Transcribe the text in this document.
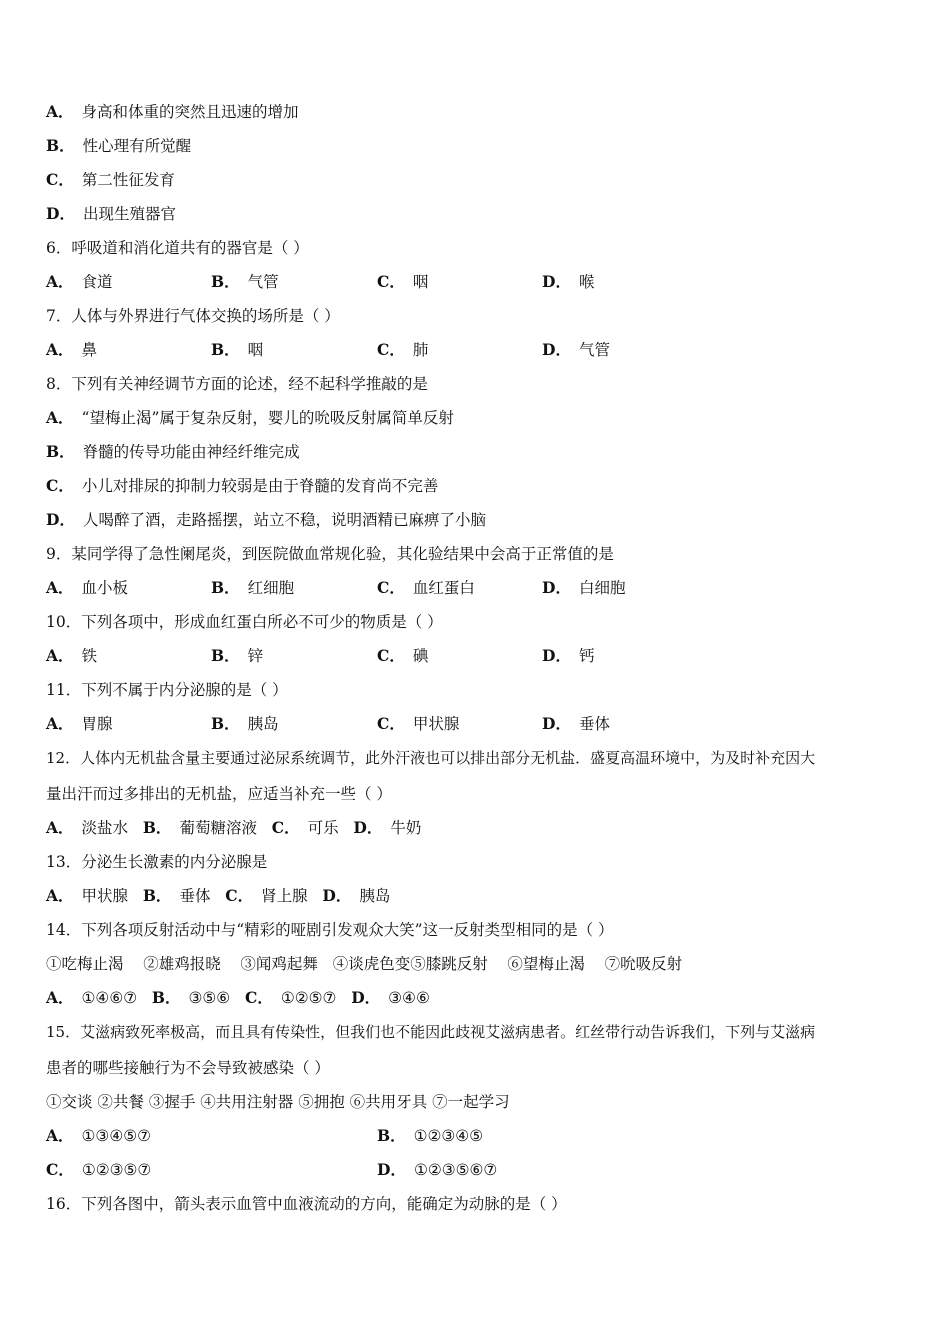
A． 身高和体重的突然且迅速的增加
B． 性心理有所觉醒
C． 第二性征发育
D． 出现生殖器官
6．呼吸道和消化道共有的器官是（ ）
A． 食道	B． 气管	C． 咽	D． 喉
7．人体与外界进行气体交换的场所是（ ）
A． 鼻	B． 咽	C． 肺	D． 气管
8．下列有关神经调节方面的论述，经不起科学推敲的是
A． “望梅止渴”属于复杂反射，婴儿的吮吸反射属简单反射
B． 脊髓的传导功能由神经纤维完成
C． 小儿对排尿的抑制力较弱是由于脊髓的发育尚不完善
D． 人喝醉了酒，走路摇摆，站立不稳，说明酒精已麻痹了小脑
9．某同学得了急性阑尾炎，到医院做血常规化验，其化验结果中会高于正常值的是
A． 血小板	B． 红细胞	C． 血红蛋白	D． 白细胞
10．下列各项中，形成血红蛋白所必不可少的物质是（ ）
A． 铁	B． 锌	C． 碘	D． 钙
11．下列不属于内分泌腺的是（ ）
A． 胃腺	B． 胰岛	C． 甲状腺	D． 垂体
12．人体内无机盐含量主要通过泌尿系统调节，此外汗液也可以排出部分无机盐．盛夏高温环境中，为及时补充因大
量出汗而过多排出的无机盐，应适当补充一些（ ）
A． 淡盐水 B． 葡萄糖溶液 C． 可乐 D． 牛奶
13．分泌生长激素的内分泌腺是
A． 甲状腺 B． 垂体 C． 肾上腺 D． 胰岛
14．下列各项反射活动中与“精彩的哑剧引发观众大笑”这一反射类型相同的是（ ）
①吃梅止渴    ②雄鸡报晓    ③闻鸡起舞   ④谈虎色变⑤膝跳反射    ⑥望梅止渴    ⑦吮吸反射
A． ①④⑥⑦ B． ③⑤⑥ C． ①②⑤⑦ D． ③④⑥
15．艾滋病致死率极高，而且具有传染性，但我们也不能因此歧视艾滋病患者。红丝带行动告诉我们，下列与艾滋病
患者的哪些接触行为不会导致被感染（ ）
①交谈 ②共餐 ③握手 ④共用注射器 ⑤拥抱 ⑥共用牙具 ⑦一起学习
A． ①③④⑤⑦	B． ①②③④⑤
C． ①②③⑤⑦	D． ①②③⑤⑥⑦
16．下列各图中，箭头表示血管中血液流动的方向，能确定为动脉的是（ ）
